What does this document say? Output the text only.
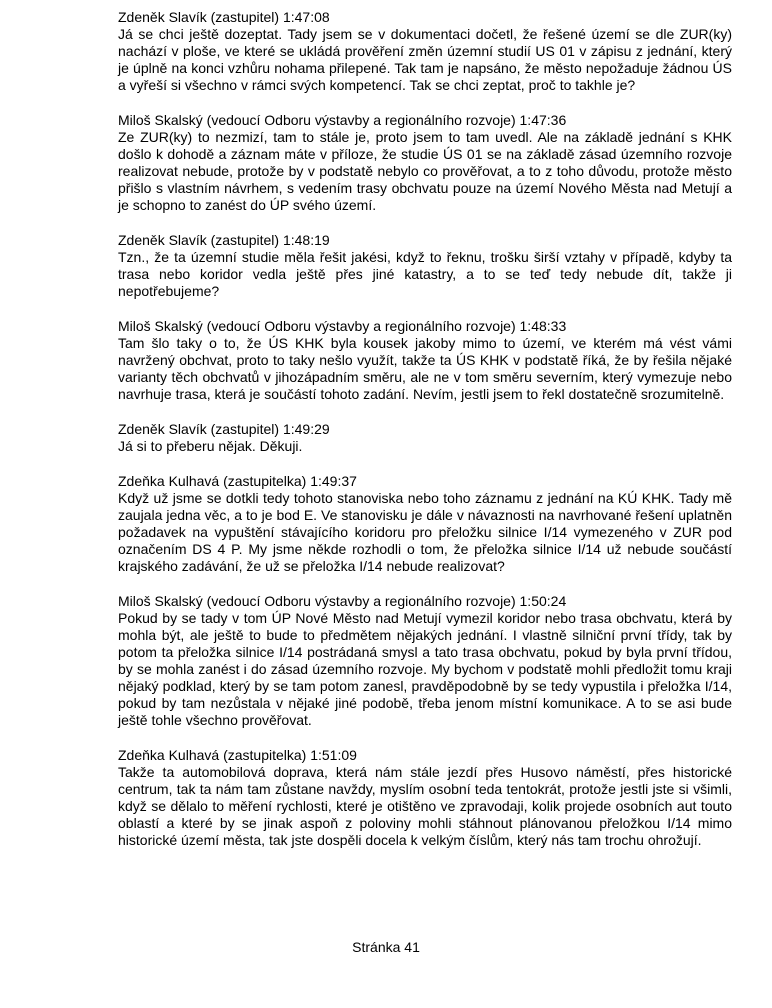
Zdeněk Slavík (zastupitel) 1:47:08

Já se chci ještě dozeptat. Tady jsem se v dokumentaci dočetl, že řešené území se dle ZUR(ky) nachází v ploše, ve které se ukládá prověření změn územní studií US 01 v zápisu z jednání, který je úplně na konci vzhůru nohama přilepené. Tak tam je napsáno, že město nepožaduje žádnou ÚS a vyřeší si všechno v rámci svých kompetencí. Tak se chci zeptat, proč to takhle je?

Miloš Skalský (vedoucí Odboru výstavby a regionálního rozvoje) 1:47:36

Ze ZUR(ky) to nezmizí, tam to stále je, proto jsem to tam uvedl. Ale na základě jednání s KHK došlo k dohodě a záznam máte v příloze, že studie ÚS 01 se na základě zásad územního rozvoje realizovat nebude, protože by v podstatě nebylo co prověřovat, a to z toho důvodu, protože město přišlo s vlastním návrhem, s vedením trasy obchvatu pouze na území Nového Města nad Metují a je schopno to zanést do ÚP svého území.

Zdeněk Slavík (zastupitel) 1:48:19

Tzn., že ta územní studie měla řešit jakési, když to řeknu, trošku širší vztahy v případě, kdyby ta trasa nebo koridor vedla ještě přes jiné katastry, a to se teď tedy nebude dít, takže ji nepotřebujeme?

Miloš Skalský (vedoucí Odboru výstavby a regionálního rozvoje) 1:48:33

Tam šlo taky o to, že ÚS KHK byla kousek jakoby mimo to území, ve kterém má vést vámi navržený obchvat, proto to taky nešlo využít, takže ta ÚS KHK v podstatě říká, že by řešila nějaké varianty těch obchvatů v jihozápadním směru, ale ne v tom směru severním, který vymezuje nebo navrhuje trasa, která je součástí tohoto zadání. Nevím, jestli jsem to řekl dostatečně srozumitelně.

Zdeněk Slavík (zastupitel) 1:49:29

Já si to přeberu nějak. Děkuji.

Zdeňka Kulhavá (zastupitelka) 1:49:37

Když už jsme se dotkli tedy tohoto stanoviska nebo toho záznamu z jednání na KÚ KHK. Tady mě zaujala jedna věc, a to je bod E. Ve stanovisku je dále v návaznosti na navrhované řešení uplatněn požadavek na vypuštění stávajícího koridoru pro přeložku silnice I/14 vymezeného v ZUR pod označením DS 4 P. My jsme někde rozhodli o tom, že přeložka silnice I/14 už nebude součástí krajského zadávání, že už se přeložka I/14 nebude realizovat?

Miloš Skalský (vedoucí Odboru výstavby a regionálního rozvoje) 1:50:24

Pokud by se tady v tom ÚP Nové Město nad Metují vymezil koridor nebo trasa obchvatu, která by mohla být, ale ještě to bude to předmětem nějakých jednání. I vlastně silniční první třídy, tak by potom ta přeložka silnice I/14 postrádaná smysl a tato trasa obchvatu, pokud by byla první třídou, by se mohla zanést i do zásad územního rozvoje. My bychom v podstatě mohli předložit tomu kraji nějaký podklad, který by se tam potom zanesl, pravděpodobně by se tedy vypustila i přeložka I/14, pokud by tam nezůstala v nějaké jiné podobě, třeba jenom místní komunikace. A to se asi bude ještě tohle všechno prověřovat.

Zdeňka Kulhavá (zastupitelka) 1:51:09

Takže ta automobilová doprava, která nám stále jezdí přes Husovo náměstí, přes historické centrum, tak ta nám tam zůstane navždy, myslím osobní teda tentokrát, protože jestli jste si všimli, když se dělalo to měření rychlosti, které je otištěno ve zpravodaji, kolik projede osobních aut touto oblastí a které by se jinak aspoň z poloviny mohli stáhnout plánovanou přeložkou I/14 mimo historické území města, tak jste dospěli docela k velkým číslům, který nás tam trochu ohrožují.

Stránka 41
